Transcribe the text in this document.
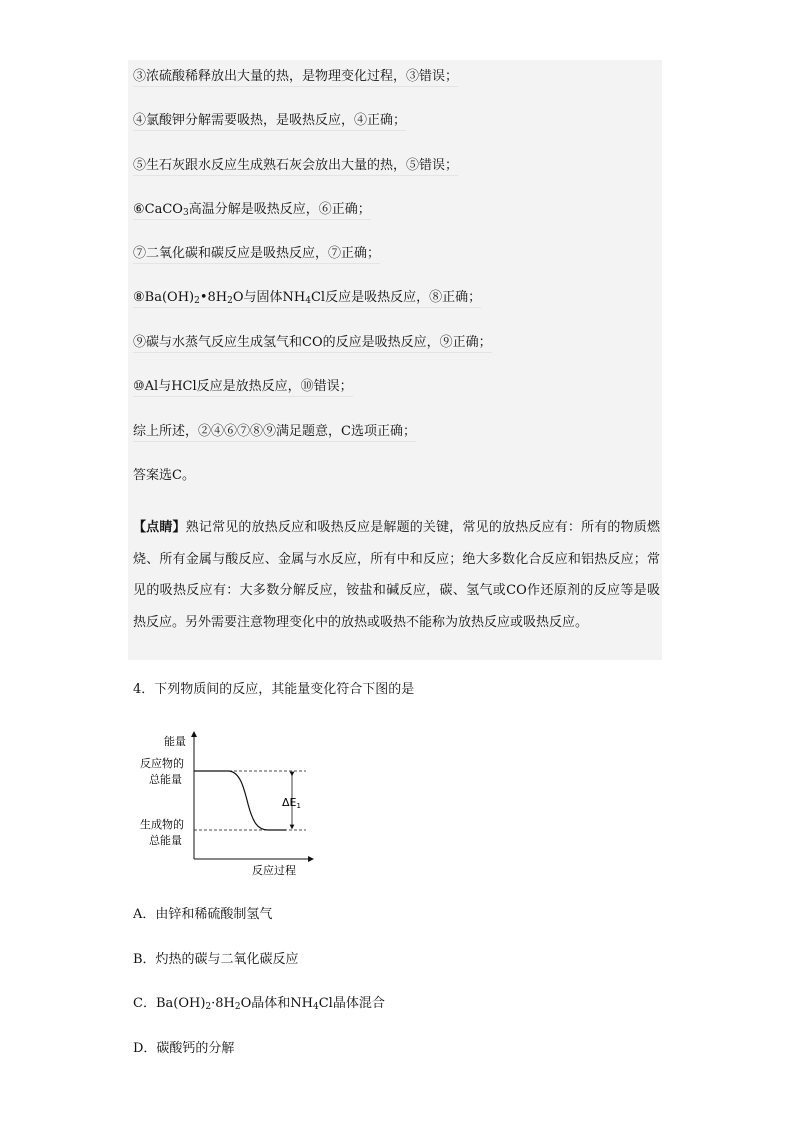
③浓硫酸稀释放出大量的热，是物理变化过程，③错误；
④氯酸钾分解需要吸热，是吸热反应，④正确；
⑤生石灰跟水反应生成熟石灰会放出大量的热，⑤错误；
⑥CaCO$_3$高温分解是吸热反应，⑥正确；
⑦二氧化碳和碳反应是吸热反应，⑦正确；
$⑧Ba(OH)_2•8H_2O$与固体$NH_4Cl$反应是吸热反应，⑧正确；
⑨碳与水蒸气反应生成氢气和CO的反应是吸热反应，⑨正确；
⑩Al与HCl反应是放热反应，⑩错误；
综上所述，②④⑥⑦⑧⑨满足题意，C选项正确；
答案选C。
【点睛】熟记常见的放热反应和吸热反应是解题的关键，常见的放热反应有：所有的物质燃烧、所有金属与酸反应、金属与水反应，所有中和反应；绝大多数化合反应和铝热反应；常见的吸热反应有：大多数分解反应，铵盐和碱反应，碳、氢气或CO作还原剂的反应等是吸热反应。另外需要注意物理变化中的放热或吸热不能称为放热反应或吸热反应。
4．下列物质间的反应，其能量变化符合下图的是
能量
反应物的
总能量
生成物的
总能量
ΔE1
反应过程
A．由锌和稀硫酸制氢气
B．灼热的碳与二氧化碳反应
C．$Ba(OH)_2\cdot 8H_2O$晶体和$NH_4Cl$晶体混合
D．碳酸钙的分解
